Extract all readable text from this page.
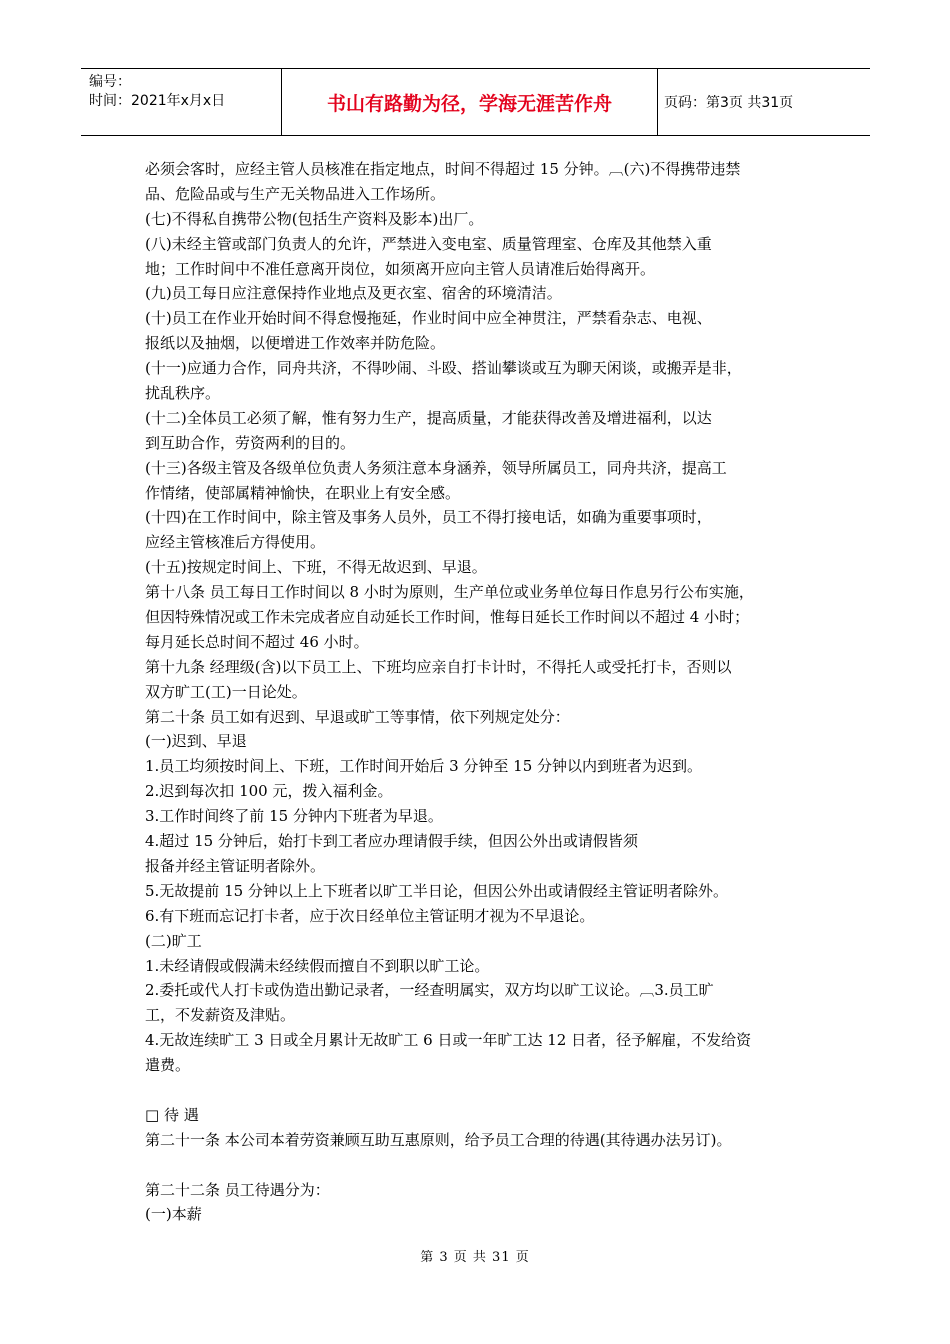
编号：
时间：2021年x月x日	书山有路勤为径，学海无涯苦作舟	页码：第3页 共31页
必须会客时，应经主管人员核准在指定地点，时间不得超过 15 分钟。︹(六)不得携带违禁
品、危险品或与生产无关物品进入工作场所。
(七)不得私自携带公物(包括生产资料及影本)出厂。
(八)未经主管或部门负责人的允许，严禁进入变电室、质量管理室、仓库及其他禁入重
地；工作时间中不准任意离开岗位，如须离开应向主管人员请准后始得离开。
(九)员工每日应注意保持作业地点及更衣室、宿舍的环境清洁。
(十)员工在作业开始时间不得怠慢拖延，作业时间中应全神贯注，严禁看杂志、电视、
报纸以及抽烟，以便增进工作效率并防危险。
(十一)应通力合作，同舟共济，不得吵闹、斗殴、搭讪攀谈或互为聊天闲谈，或搬弄是非，
扰乱秩序。
(十二)全体员工必须了解，惟有努力生产，提高质量，才能获得改善及增进福利，以达
到互助合作，劳资两利的目的。
(十三)各级主管及各级单位负责人务须注意本身涵养，领导所属员工，同舟共济，提高工
作情绪，使部属精神愉快，在职业上有安全感。
(十四)在工作时间中，除主管及事务人员外，员工不得打接电话，如确为重要事项时，
应经主管核准后方得使用。
(十五)按规定时间上、下班，不得无故迟到、早退。
第十八条 员工每日工作时间以 8 小时为原则，生产单位或业务单位每日作息另行公布实施，
但因特殊情况或工作未完成者应自动延长工作时间，惟每日延长工作时间以不超过 4 小时；
每月延长总时间不超过 46 小时。
第十九条 经理级(含)以下员工上、下班均应亲自打卡计时，不得托人或受托打卡，否则以
双方旷工(工)一日论处。
第二十条 员工如有迟到、早退或旷工等事情，依下列规定处分：
(一)迟到、早退
1.员工均须按时间上、下班，工作时间开始后 3 分钟至 15 分钟以内到班者为迟到。
2.迟到每次扣 100 元，拨入福利金。
3.工作时间终了前 15 分钟内下班者为早退。
4.超过 15 分钟后，始打卡到工者应办理请假手续，但因公外出或请假皆须
报备并经主管证明者除外。
5.无故提前 15 分钟以上上下班者以旷工半日论，但因公外出或请假经主管证明者除外。
6.有下班而忘记打卡者，应于次日经单位主管证明才视为不早退论。
(二)旷工
1.未经请假或假满未经续假而擅自不到职以旷工论。
2.委托或代人打卡或伪造出勤记录者，一经查明属实，双方均以旷工议论。︹3.员工旷
工，不发薪资及津贴。
4.无故连续旷工 3 日或全月累计无故旷工 6 日或一年旷工达 12 日者，径予解雇，不发给资
遣费。
□ 待 遇
第二十一条 本公司本着劳资兼顾互助互惠原则，给予员工合理的待遇(其待遇办法另订)。
第二十二条 员工待遇分为：
(一)本薪
第 3 页 共 31 页
